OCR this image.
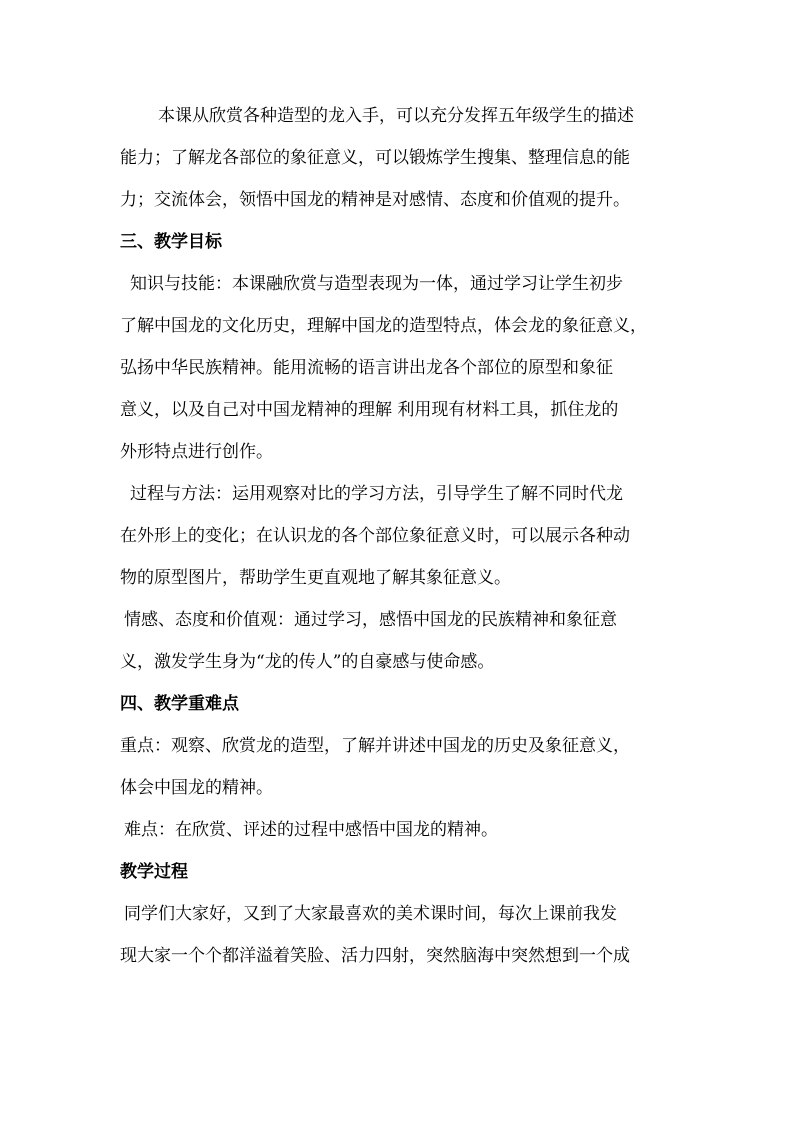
本课从欣赏各种造型的龙入手，可以充分发挥五年级学生的描述
能力；了解龙各部位的象征意义，可以锻炼学生搜集、整理信息的能
力；交流体会，领悟中国龙的精神是对感情、态度和价值观的提升。
三、教学目标
知识与技能：本课融欣赏与造型表现为一体，通过学习让学生初步
了解中国龙的文化历史，理解中国龙的造型特点，体会龙的象征意义，
弘扬中华民族精神。能用流畅的语言讲出龙各个部位的原型和象征
意义，以及自己对中国龙精神的理解 利用现有材料工具，抓住龙的
外形特点进行创作。
过程与方法：运用观察对比的学习方法，引导学生了解不同时代龙
在外形上的变化；在认识龙的各个部位象征意义时，可以展示各种动
物的原型图片，帮助学生更直观地了解其象征意义。
情感、态度和价值观：通过学习，感悟中国龙的民族精神和象征意
义，激发学生身为“龙的传人”的自豪感与使命感。
四、教学重难点
重点：观察、欣赏龙的造型，了解并讲述中国龙的历史及象征意义，
体会中国龙的精神。
难点：在欣赏、评述的过程中感悟中国龙的精神。
教学过程
同学们大家好，又到了大家最喜欢的美术课时间，每次上课前我发
现大家一个个都洋溢着笑脸、活力四射，突然脑海中突然想到一个成
